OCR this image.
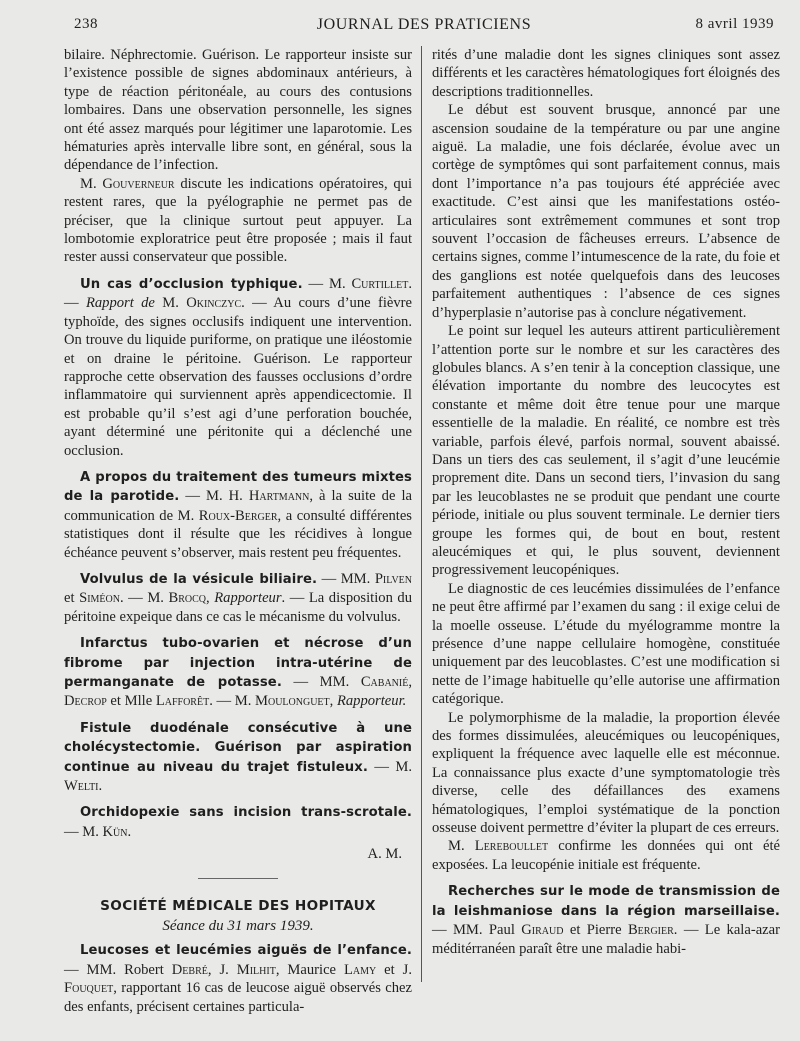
238	JOURNAL DES PRATICIENS	8 avril 1939

bilaire. Néphrectomie. Guérison. Le rapporteur insiste sur l’existence possible de signes abdominaux antérieurs, à type de réaction péritonéale, au cours des contusions lombaires. Dans une observation personnelle, les signes ont été assez marqués pour légitimer une laparotomie. Les hématuries après intervalle libre sont, en général, sous la dépendance de l’infection.

M. Gouverneur discute les indications opératoires, qui restent rares, que la pyélographie ne permet pas de préciser, que la clinique surtout peut appuyer. La lombotomie exploratrice peut être proposée ; mais il faut rester aussi conservateur que possible.

Un cas d’occlusion typhique. — M. Curtillet. — Rapport de M. Okinczyc. — Au cours d’une fièvre typhoïde, des signes occlusifs indiquent une intervention. On trouve du liquide puriforme, on pratique une iléostomie et on draine le péritoine. Guérison. Le rapporteur rapproche cette observation des fausses occlusions d’ordre inflammatoire qui surviennent après appendicectomie. Il est probable qu’il s’est agi d’une perforation bouchée, ayant déterminé une péritonite qui a déclenché une occlusion.

A propos du traitement des tumeurs mixtes de la parotide. — M. H. Hartmann, à la suite de la communication de M. Roux-Berger, a consulté différentes statistiques dont il résulte que les récidives à longue échéance peuvent s’observer, mais restent peu fréquentes.

Volvulus de la vésicule biliaire. — MM. Pilven et Siméon. — M. Brocq, Rapporteur. — La disposition du péritoine expeique dans ce cas le mécanisme du volvulus.

Infarctus tubo-ovarien et nécrose d’un fibrome par injection intra-utérine de permanganate de potasse. — MM. Cabanié, Decrop et Mlle Lafforêt. — M. Moulonguet, Rapporteur.

Fistule duodénale consécutive à une cholécystectomie. Guérison par aspiration continue au niveau du trajet fistuleux. — M. Welti.

Orchidopexie sans incision trans-scrotale. — M. Kün.

A. M.

SOCIÉTÉ MÉDICALE DES HOPITAUX

Séance du 31 mars 1939.

Leucoses et leucémies aiguës de l’enfance. — MM. Robert Debré, J. Milhit, Maurice Lamy et J. Fouquet, rapportant 16 cas de leucose aiguë observés chez des enfants, précisent certaines particula-

rités d’une maladie dont les signes cliniques sont assez différents et les caractères hématologiques fort éloignés des descriptions traditionnelles.

Le début est souvent brusque, annoncé par une ascension soudaine de la température ou par une angine aiguë. La maladie, une fois déclarée, évolue avec un cortège de symptômes qui sont parfaitement connus, mais dont l’importance n’a pas toujours été appréciée avec exactitude. C’est ainsi que les manifestations ostéo-articulaires sont extrêmement communes et sont trop souvent l’occasion de fâcheuses erreurs. L’absence de certains signes, comme l’intumescence de la rate, du foie et des ganglions est notée quelquefois dans des leucoses parfaitement authentiques : l’absence de ces signes d’hyperplasie n’autorise pas à conclure négativement.

Le point sur lequel les auteurs attirent particulièrement l’attention porte sur le nombre et sur les caractères des globules blancs. A s’en tenir à la conception classique, une élévation importante du nombre des leucocytes est constante et même doit être tenue pour une marque essentielle de la maladie. En réalité, ce nombre est très variable, parfois élevé, parfois normal, souvent abaissé. Dans un tiers des cas seulement, il s’agit d’une leucémie proprement dite. Dans un second tiers, l’invasion du sang par les leucoblastes ne se produit que pendant une courte période, initiale ou plus souvent terminale. Le dernier tiers groupe les formes qui, de bout en bout, restent aleucémiques et qui, le plus souvent, deviennent progressivement leucopéniques.

Le diagnostic de ces leucémies dissimulées de l’enfance ne peut être affirmé par l’examen du sang : il exige celui de la moelle osseuse. L’étude du myélogramme montre la présence d’une nappe cellulaire homogène, constituée uniquement par des leucoblastes. C’est une modification si nette de l’image habituelle qu’elle autorise une affirmation catégorique.

Le polymorphisme de la maladie, la proportion élevée des formes dissimulées, aleucémiques ou leucopéniques, expliquent la fréquence avec laquelle elle est méconnue. La connaissance plus exacte d’une symptomatologie très diverse, celle des défaillances des examens hématologiques, l’emploi systématique de la ponction osseuse doivent permettre d’éviter la plupart de ces erreurs.

M. Lereboullet confirme les données qui ont été exposées. La leucopénie initiale est fréquente.

Recherches sur le mode de transmission de la leishmaniose dans la région marseillaise. — MM. Paul Giraud et Pierre Bergier. — Le kala-azar méditérranéen paraît être une maladie habi-
